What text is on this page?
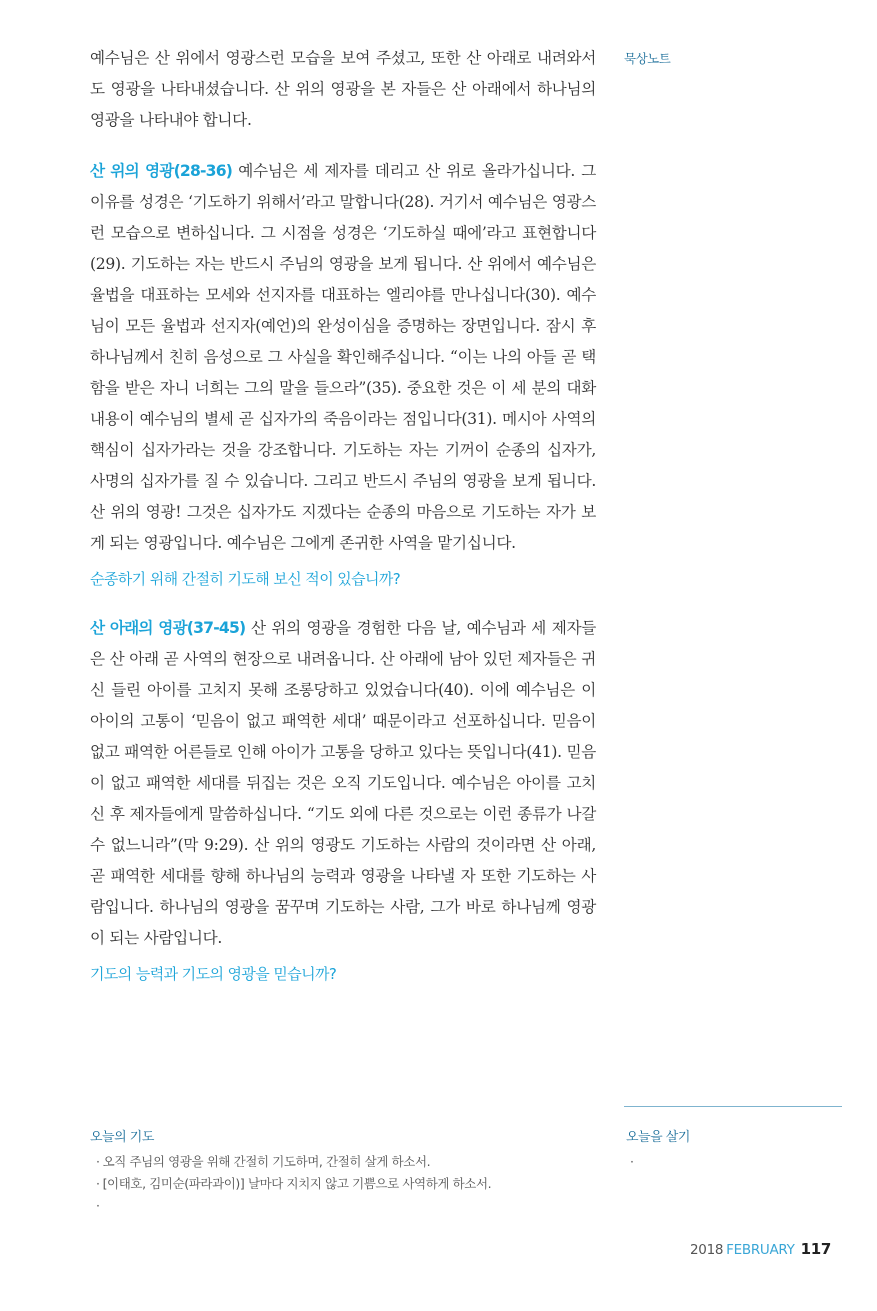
묵상노트

예수님은 산 위에서 영광스런 모습을 보여 주셨고, 또한 산 아래로 내려와서도 영광을 나타내셨습니다. 산 위의 영광을 본 자들은 산 아래에서 하나님의 영광을 나타내야 합니다.

산 위의 영광(28-36) 예수님은 세 제자를 데리고 산 위로 올라가십니다. 그 이유를 성경은 ‘기도하기 위해서’라고 말합니다(28). 거기서 예수님은 영광스런 모습으로 변하십니다. 그 시점을 성경은 ‘기도하실 때에’라고 표현합니다(29). 기도하는 자는 반드시 주님의 영광을 보게 됩니다. 산 위에서 예수님은 율법을 대표하는 모세와 선지자를 대표하는 엘리야를 만나십니다(30). 예수님이 모든 율법과 선지자(예언)의 완성이심을 증명하는 장면입니다. 잠시 후 하나님께서 친히 음성으로 그 사실을 확인해주십니다. “이는 나의 아들 곧 택함을 받은 자니 너희는 그의 말을 들으라”(35). 중요한 것은 이 세 분의 대화 내용이 예수님의 별세 곧 십자가의 죽음이라는 점입니다(31). 메시아 사역의 핵심이 십자가라는 것을 강조합니다. 기도하는 자는 기꺼이 순종의 십자가, 사명의 십자가를 질 수 있습니다. 그리고 반드시 주님의 영광을 보게 됩니다. 산 위의 영광! 그것은 십자가도 지겠다는 순종의 마음으로 기도하는 자가 보게 되는 영광입니다. 예수님은 그에게 존귀한 사역을 맡기십니다.

순종하기 위해 간절히 기도해 보신 적이 있습니까?

산 아래의 영광(37-45) 산 위의 영광을 경험한 다음 날, 예수님과 세 제자들은 산 아래 곧 사역의 현장으로 내려옵니다. 산 아래에 남아 있던 제자들은 귀신 들린 아이를 고치지 못해 조롱당하고 있었습니다(40). 이에 예수님은 이 아이의 고통이 ‘믿음이 없고 패역한 세대’ 때문이라고 선포하십니다. 믿음이 없고 패역한 어른들로 인해 아이가 고통을 당하고 있다는 뜻입니다(41). 믿음이 없고 패역한 세대를 뒤집는 것은 오직 기도입니다. 예수님은 아이를 고치신 후 제자들에게 말씀하십니다. “기도 외에 다른 것으로는 이런 종류가 나갈 수 없느니라”(막 9:29). 산 위의 영광도 기도하는 사람의 것이라면 산 아래, 곧 패역한 세대를 향해 하나님의 능력과 영광을 나타낼 자 또한 기도하는 사람입니다. 하나님의 영광을 꿈꾸며 기도하는 사람, 그가 바로 하나님께 영광이 되는 사람입니다.

기도의 능력과 기도의 영광을 믿습니까?
오늘의 기도
· 오직 주님의 영광을 위해 간절히 기도하며, 간절히 살게 하소서.
· [이태호, 김미순(파라과이)] 날마다 지치지 않고 기쁨으로 사역하게 하소서.
·
오늘을 살기
·
2018 FEBRUARY 117
